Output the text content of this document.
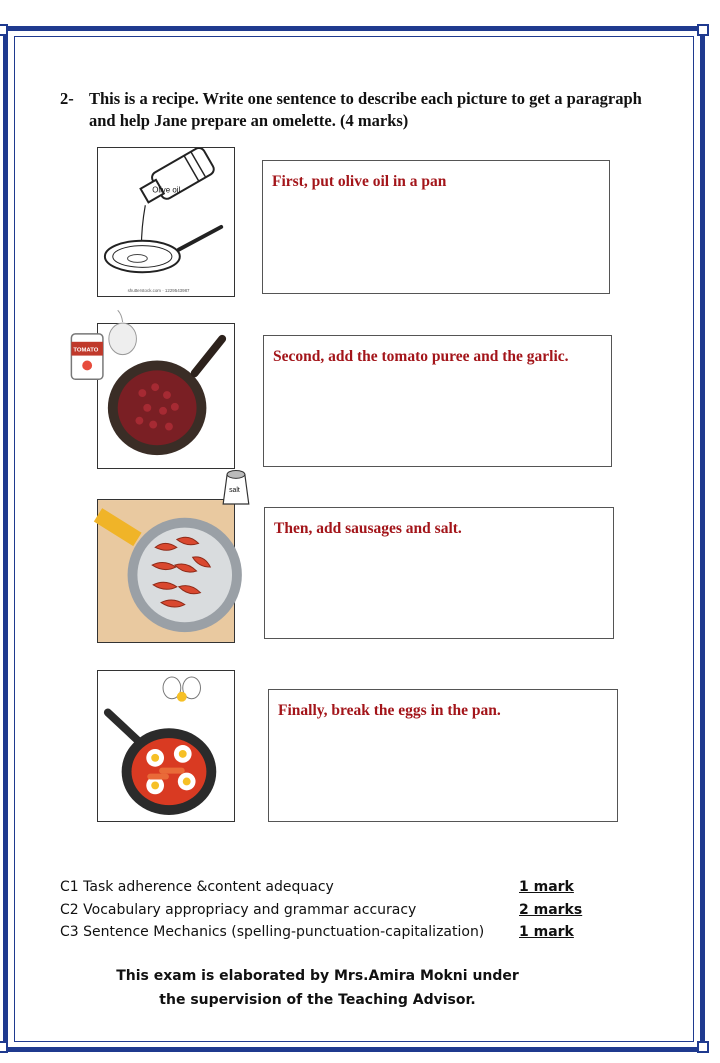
2- This is a recipe. Write one sentence to describe each picture to get a paragraph and help Jane prepare an omelette. (4 marks)
Olive oil
shutterstock.com · 1229543987
First, put olive oil in a pan
TOMATO	Second, add the tomato puree and the garlic.
salt
Then, add sausages and salt.
Finally, break the eggs in the pan.
C1 Task adherence &content adequacy	1 mark
C2 Vocabulary appropriacy and grammar accuracy	2 marks
C3 Sentence Mechanics (spelling-punctuation-capitalization) 1 mark
This exam is elaborated by Mrs.Amira Mokni under
the supervision of the Teaching Advisor.
